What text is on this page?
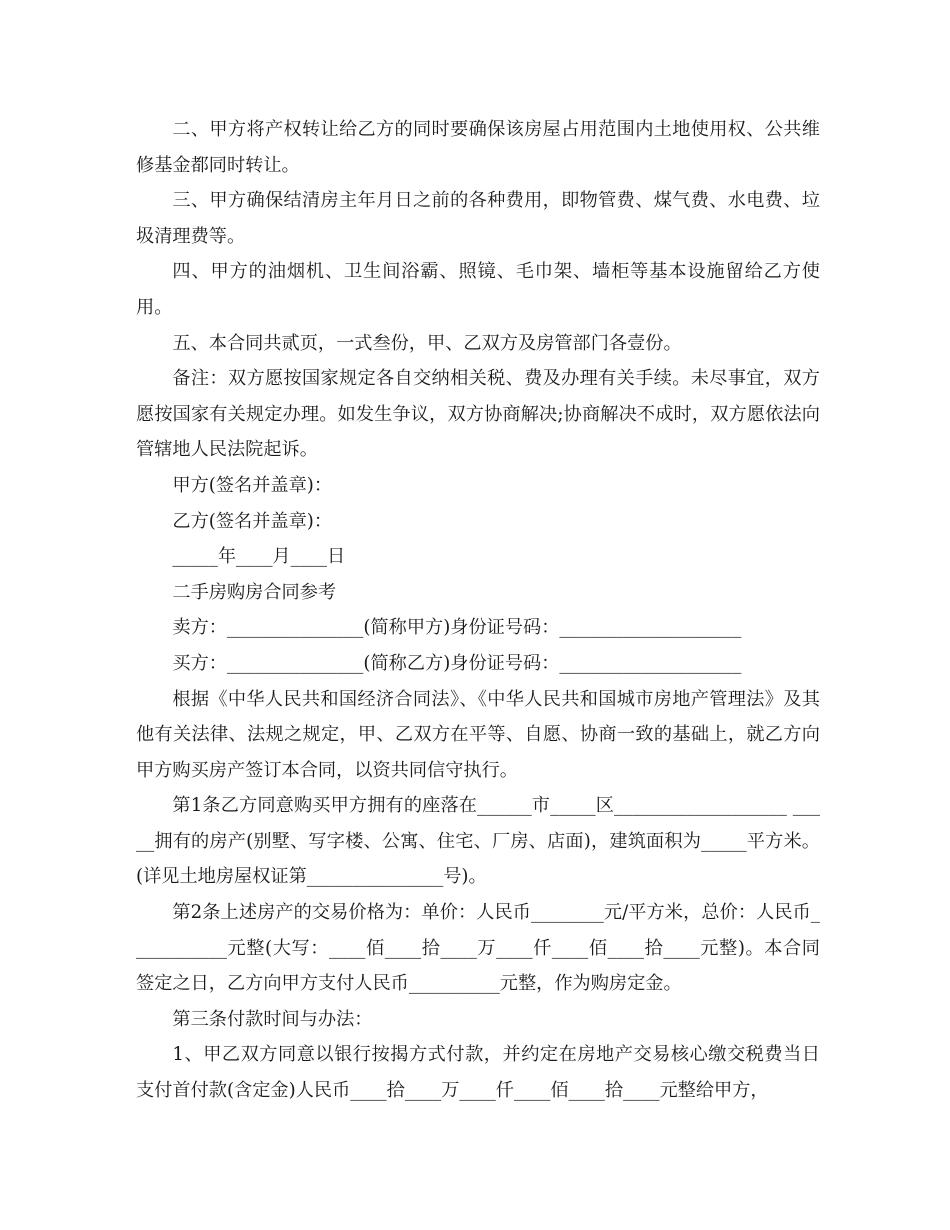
二、甲方将产权转让给乙方的同时要确保该房屋占用范围内土地使用权、公共维修基金都同时转让。

三、甲方确保结清房主年月日之前的各种费用，即物管费、煤气费、水电费、垃圾清理费等。

四、甲方的油烟机、卫生间浴霸、照镜、毛巾架、墙柜等基本设施留给乙方使用。

五、本合同共贰页，一式叁份，甲、乙双方及房管部门各壹份。

备注：双方愿按国家规定各自交纳相关税、费及办理有关手续。未尽事宜，双方愿按国家有关规定办理。如发生争议，双方协商解决;协商解决不成时，双方愿依法向管辖地人民法院起诉。

甲方(签名并盖章)：

乙方(签名并盖章)：

_____年____月____日

二手房购房合同参考

卖方：_______________(简称甲方)身份证号码：____________________

买方：_______________(简称乙方)身份证号码：____________________

根据《中华人民共和国经济合同法》、《中华人民共和国城市房地产管理法》及其他有关法律、法规之规定，甲、乙双方在平等、自愿、协商一致的基础上，就乙方向甲方购买房产签订本合同，以资共同信守执行。

第1条乙方同意购买甲方拥有的座落在______市_____区___________________ _____拥有的房产(别墅、写字楼、公寓、住宅、厂房、店面)，建筑面积为_____平方米。(详见土地房屋权证第_______________号)。

第2条上述房产的交易价格为：单价：人民币________元/平方米，总价：人民币___________元整(大写：____佰____拾____万____仟____佰____拾____元整)。本合同签定之日，乙方向甲方支付人民币__________元整，作为购房定金。

第三条付款时间与办法：

1、甲乙双方同意以银行按揭方式付款，并约定在房地产交易核心缴交税费当日支付首付款(含定金)人民币____拾____万____仟____佰____拾____元整给甲方，
